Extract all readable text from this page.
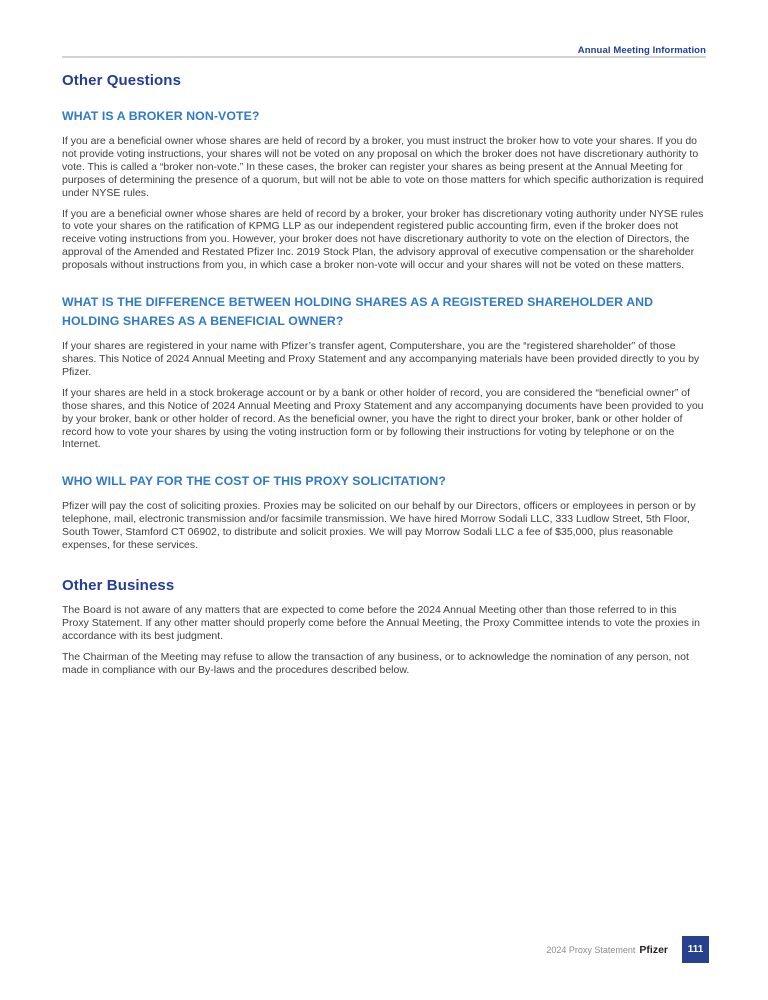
Annual Meeting Information
Other Questions
WHAT IS A BROKER NON-VOTE?

If you are a beneficial owner whose shares are held of record by a broker, you must instruct the broker how to vote your shares. If you do not provide voting instructions, your shares will not be voted on any proposal on which the broker does not have discretionary authority to vote. This is called a “broker non-vote.” In these cases, the broker can register your shares as being present at the Annual Meeting for purposes of determining the presence of a quorum, but will not be able to vote on those matters for which specific authorization is required under NYSE rules.

If you are a beneficial owner whose shares are held of record by a broker, your broker has discretionary voting authority under NYSE rules to vote your shares on the ratification of KPMG LLP as our independent registered public accounting firm, even if the broker does not receive voting instructions from you. However, your broker does not have discretionary authority to vote on the election of Directors, the approval of the Amended and Restated Pfizer Inc. 2019 Stock Plan, the advisory approval of executive compensation or the shareholder proposals without instructions from you, in which case a broker non-vote will occur and your shares will not be voted on these matters.

WHAT IS THE DIFFERENCE BETWEEN HOLDING SHARES AS A REGISTERED SHAREHOLDER AND HOLDING SHARES AS A BENEFICIAL OWNER?

If your shares are registered in your name with Pfizer’s transfer agent, Computershare, you are the “registered shareholder” of those shares. This Notice of 2024 Annual Meeting and Proxy Statement and any accompanying materials have been provided directly to you by Pfizer.

If your shares are held in a stock brokerage account or by a bank or other holder of record, you are considered the “beneficial owner” of those shares, and this Notice of 2024 Annual Meeting and Proxy Statement and any accompanying documents have been provided to you by your broker, bank or other holder of record. As the beneficial owner, you have the right to direct your broker, bank or other holder of record how to vote your shares by using the voting instruction form or by following their instructions for voting by telephone or on the Internet.

WHO WILL PAY FOR THE COST OF THIS PROXY SOLICITATION?

Pfizer will pay the cost of soliciting proxies. Proxies may be solicited on our behalf by our Directors, officers or employees in person or by telephone, mail, electronic transmission and/or facsimile transmission. We have hired Morrow Sodali LLC, 333 Ludlow Street, 5th Floor, South Tower, Stamford CT 06902, to distribute and solicit proxies. We will pay Morrow Sodali LLC a fee of $35,000, plus reasonable expenses, for these services.

Other Business

The Board is not aware of any matters that are expected to come before the 2024 Annual Meeting other than those referred to in this Proxy Statement. If any other matter should properly come before the Annual Meeting, the Proxy Committee intends to vote the proxies in accordance with its best judgment.

The Chairman of the Meeting may refuse to allow the transaction of any business, or to acknowledge the nomination of any person, not made in compliance with our By-laws and the procedures described below.

2024 Proxy Statement Pfizer	111
